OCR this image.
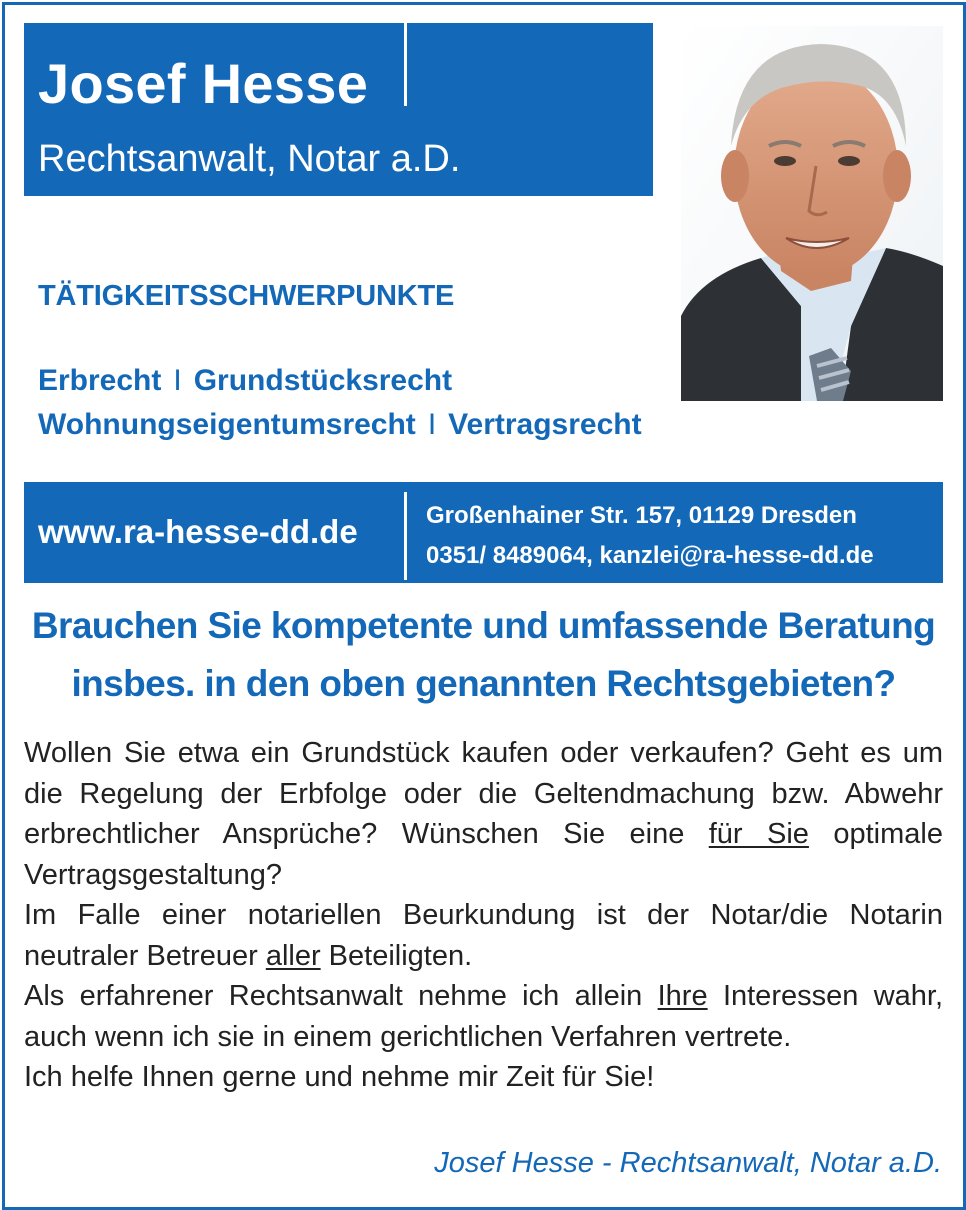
Josef Hesse
Rechtsanwalt, Notar a.D.
TÄTIGKEITSSCHWERPUNKTE
Erbrecht I Grundstücksrecht
Wohnungseigentumsrecht I Vertragsrecht
www.ra-hesse-dd.de	Großenhainer Str. 157, 01129 Dresden
0351/ 8489064, kanzlei@ra-hesse-dd.de
Brauchen Sie kompetente und umfassende Beratung
insbes. in den oben genannten Rechtsgebieten?

Wollen Sie etwa ein Grundstück kaufen oder verkaufen? Geht es um die Regelung der Erbfolge oder die Geltendmachung bzw. Abwehr erbrechtlicher Ansprüche? Wünschen Sie eine für Sie optimale Vertragsgestaltung?

Im Falle einer notariellen Beurkundung ist der Notar/die Notarin neutraler Betreuer aller Beteiligten.

Als erfahrener Rechtsanwalt nehme ich allein Ihre Interessen wahr, auch wenn ich sie in einem gerichtlichen Verfahren vertrete.

Ich helfe Ihnen gerne und nehme mir Zeit für Sie!

Josef Hesse - Rechtsanwalt, Notar a.D.
